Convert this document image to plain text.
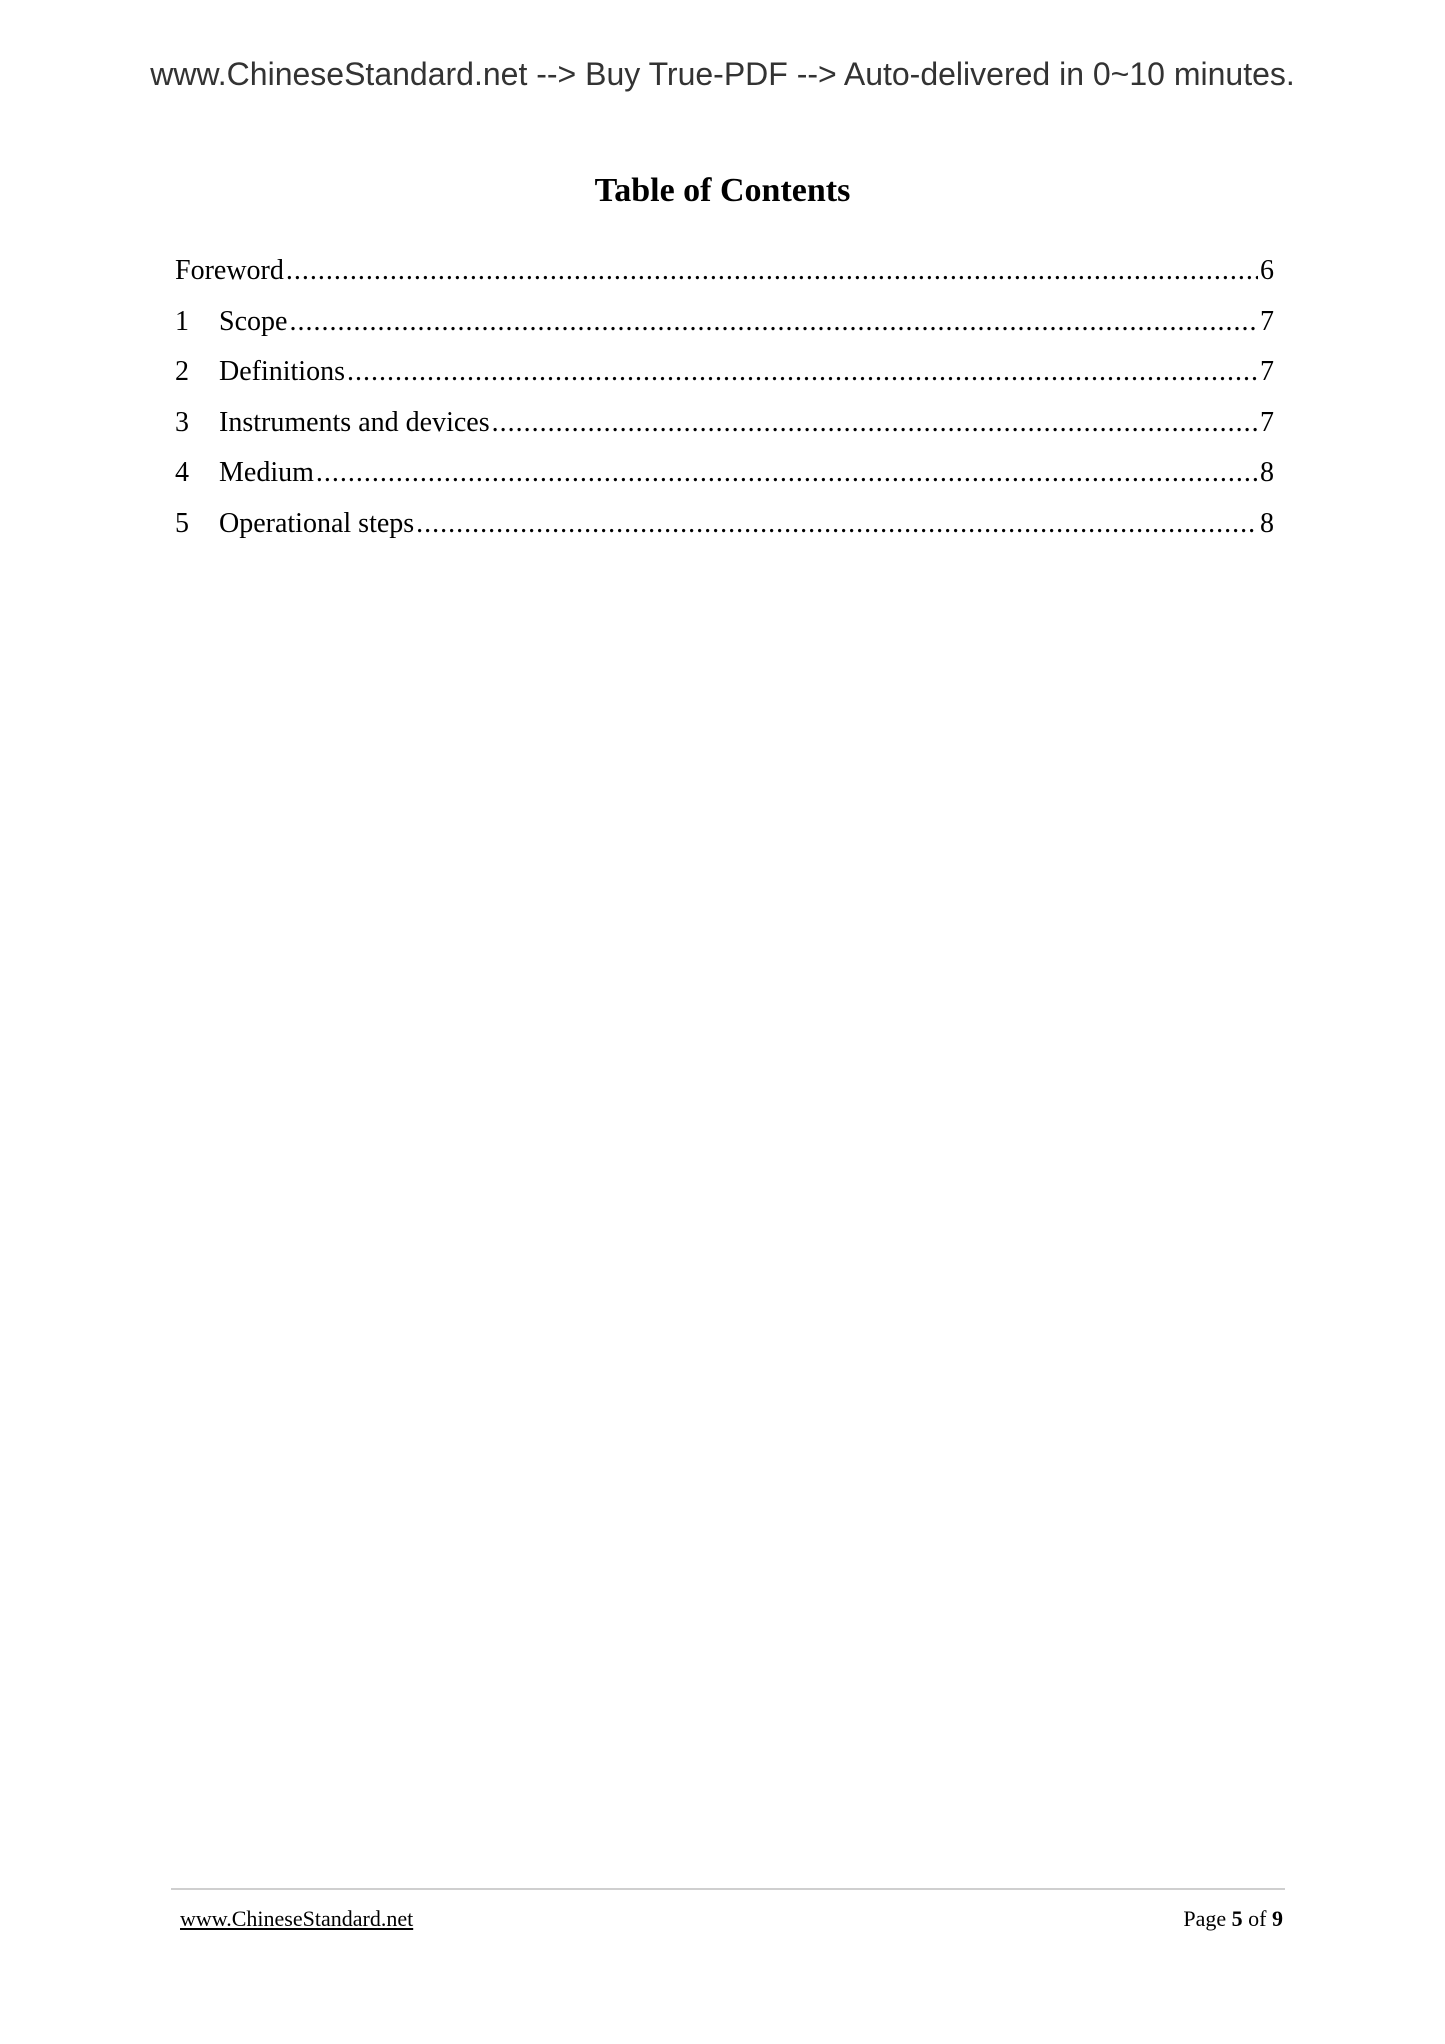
www.ChineseStandard.net --> Buy True-PDF --> Auto-delivered in 0~10 minutes.
Table of Contents
Foreword .....	6
1	Scope .....	7
2	Definitions .....	7
3	Instruments and devices .....	7
4	Medium .....	8
5	Operational steps .....	8
www.ChineseStandard.net	Page 5 of 9
